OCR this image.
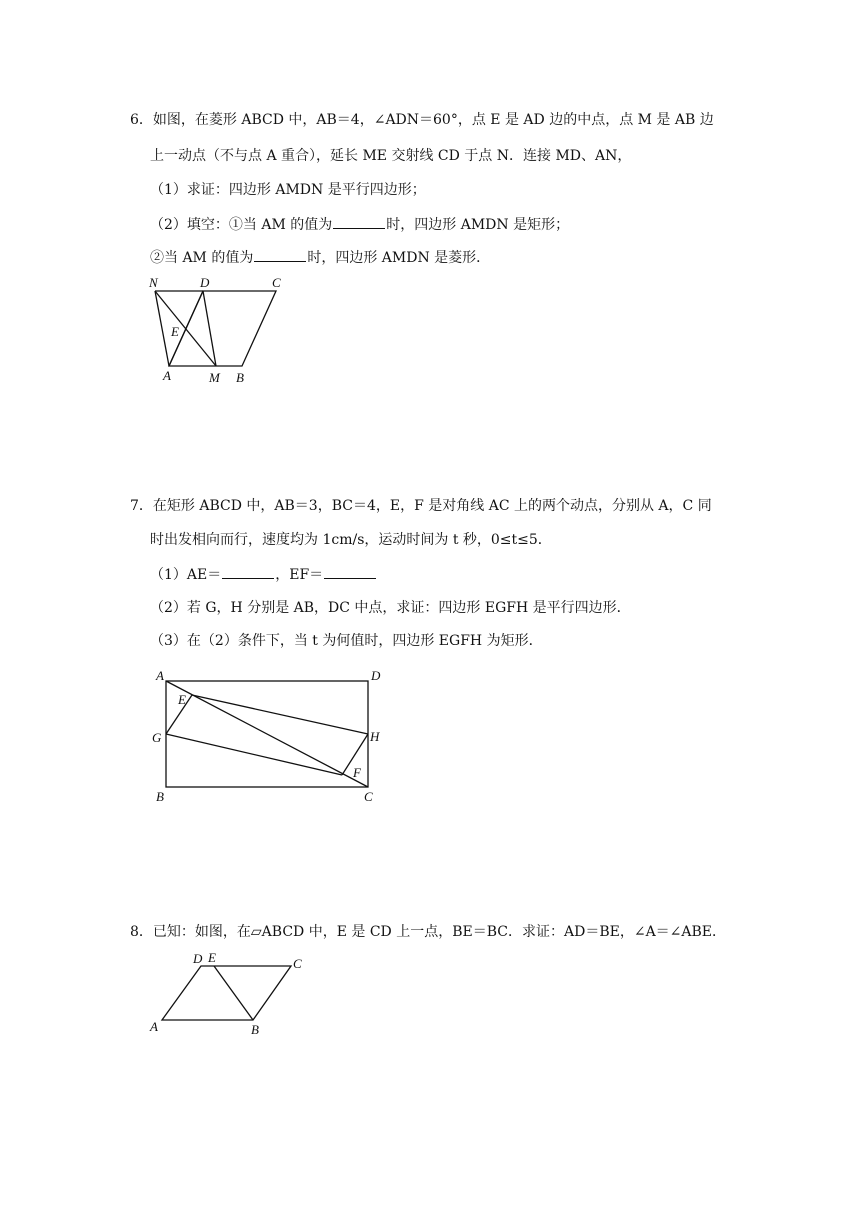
6．如图，在菱形 ABCD 中，AB＝4，∠ADN＝60°，点 E 是 AD 边的中点，点 M 是 AB 边
上一动点（不与点 A 重合），延长 ME 交射线 CD 于点 N．连接 MD、AN，
（1）求证：四边形 AMDN 是平行四边形；
（2）填空：①当 AM 的值为	时，四边形 AMDN 是矩形；
②当 AM 的值为	时，四边形 AMDN 是菱形．
N	D	C
E
A	M B
7．在矩形 ABCD 中，AB＝3，BC＝4，E，F 是对角线 AC 上的两个动点，分别从 A，C 同
时出发相向而行，速度均为 1cm/s，运动时间为 t 秒，0≤t≤5．
（1）AE＝	，EF＝
（2）若 G，H 分别是 AB，DC 中点，求证：四边形 EGFH 是平行四边形．
（3）在（2）条件下，当 t 为何值时，四边形 EGFH 为矩形．
A	D
E
G	H
F
B	C
8．已知：如图，在▱ABCD 中，E 是 CD 上一点，BE＝BC．求证：AD＝BE，∠A＝∠ABE．
D E	C
A	B
